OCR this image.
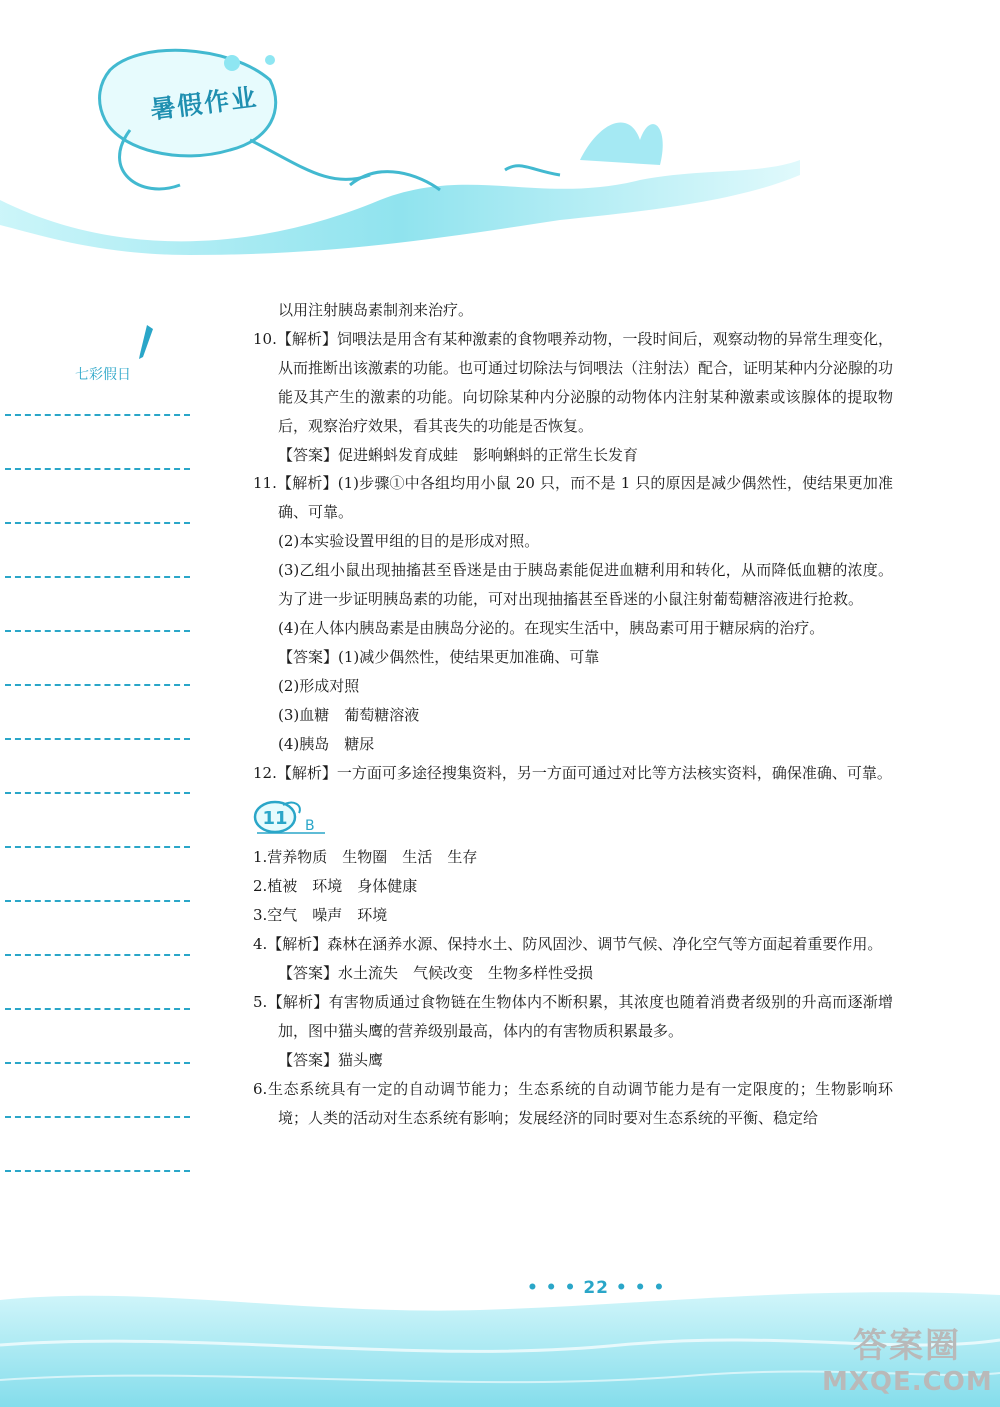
暑假作业
七彩假日

以用注射胰岛素制剂来治疗。

10.【解析】饲喂法是用含有某种激素的食物喂养动物，一段时间后，观察动物的异常生理变化，从而推断出该激素的功能。也可通过切除法与饲喂法（注射法）配合，证明某种内分泌腺的功能及其产生的激素的功能。向切除某种内分泌腺的动物体内注射某种激素或该腺体的提取物后，观察治疗效果，看其丧失的功能是否恢复。

【答案】促进蝌蚪发育成蛙　影响蝌蚪的正常生长发育

11.【解析】(1)步骤①中各组均用小鼠 20 只，而不是 1 只的原因是减少偶然性，使结果更加准确、可靠。

(2)本实验设置甲组的目的是形成对照。

(3)乙组小鼠出现抽搐甚至昏迷是由于胰岛素能促进血糖利用和转化，从而降低血糖的浓度。为了进一步证明胰岛素的功能，可对出现抽搐甚至昏迷的小鼠注射葡萄糖溶液进行抢救。

(4)在人体内胰岛素是由胰岛分泌的。在现实生活中，胰岛素可用于糖尿病的治疗。

【答案】(1)减少偶然性，使结果更加准确、可靠

(2)形成对照

(3)血糖　葡萄糖溶液

(4)胰岛　糖尿

12.【解析】一方面可多途径搜集资料，另一方面可通过对比等方法核实资料，确保准确、可靠。

11 B

1.营养物质　生物圈　生活　生存

2.植被　环境　身体健康

3.空气　噪声　环境

4.【解析】森林在涵养水源、保持水土、防风固沙、调节气候、净化空气等方面起着重要作用。

【答案】水土流失　气候改变　生物多样性受损

5.【解析】有害物质通过食物链在生物体内不断积累，其浓度也随着消费者级别的升高而逐渐增加，图中猫头鹰的营养级别最高，体内的有害物质积累最多。

【答案】猫头鹰

6.生态系统具有一定的自动调节能力；生态系统的自动调节能力是有一定限度的；生物影响环境；人类的活动对生态系统有影响；发展经济的同时要对生态系统的平衡、稳定给

• • • 22 • • •
答案圈
MXQE.COM
